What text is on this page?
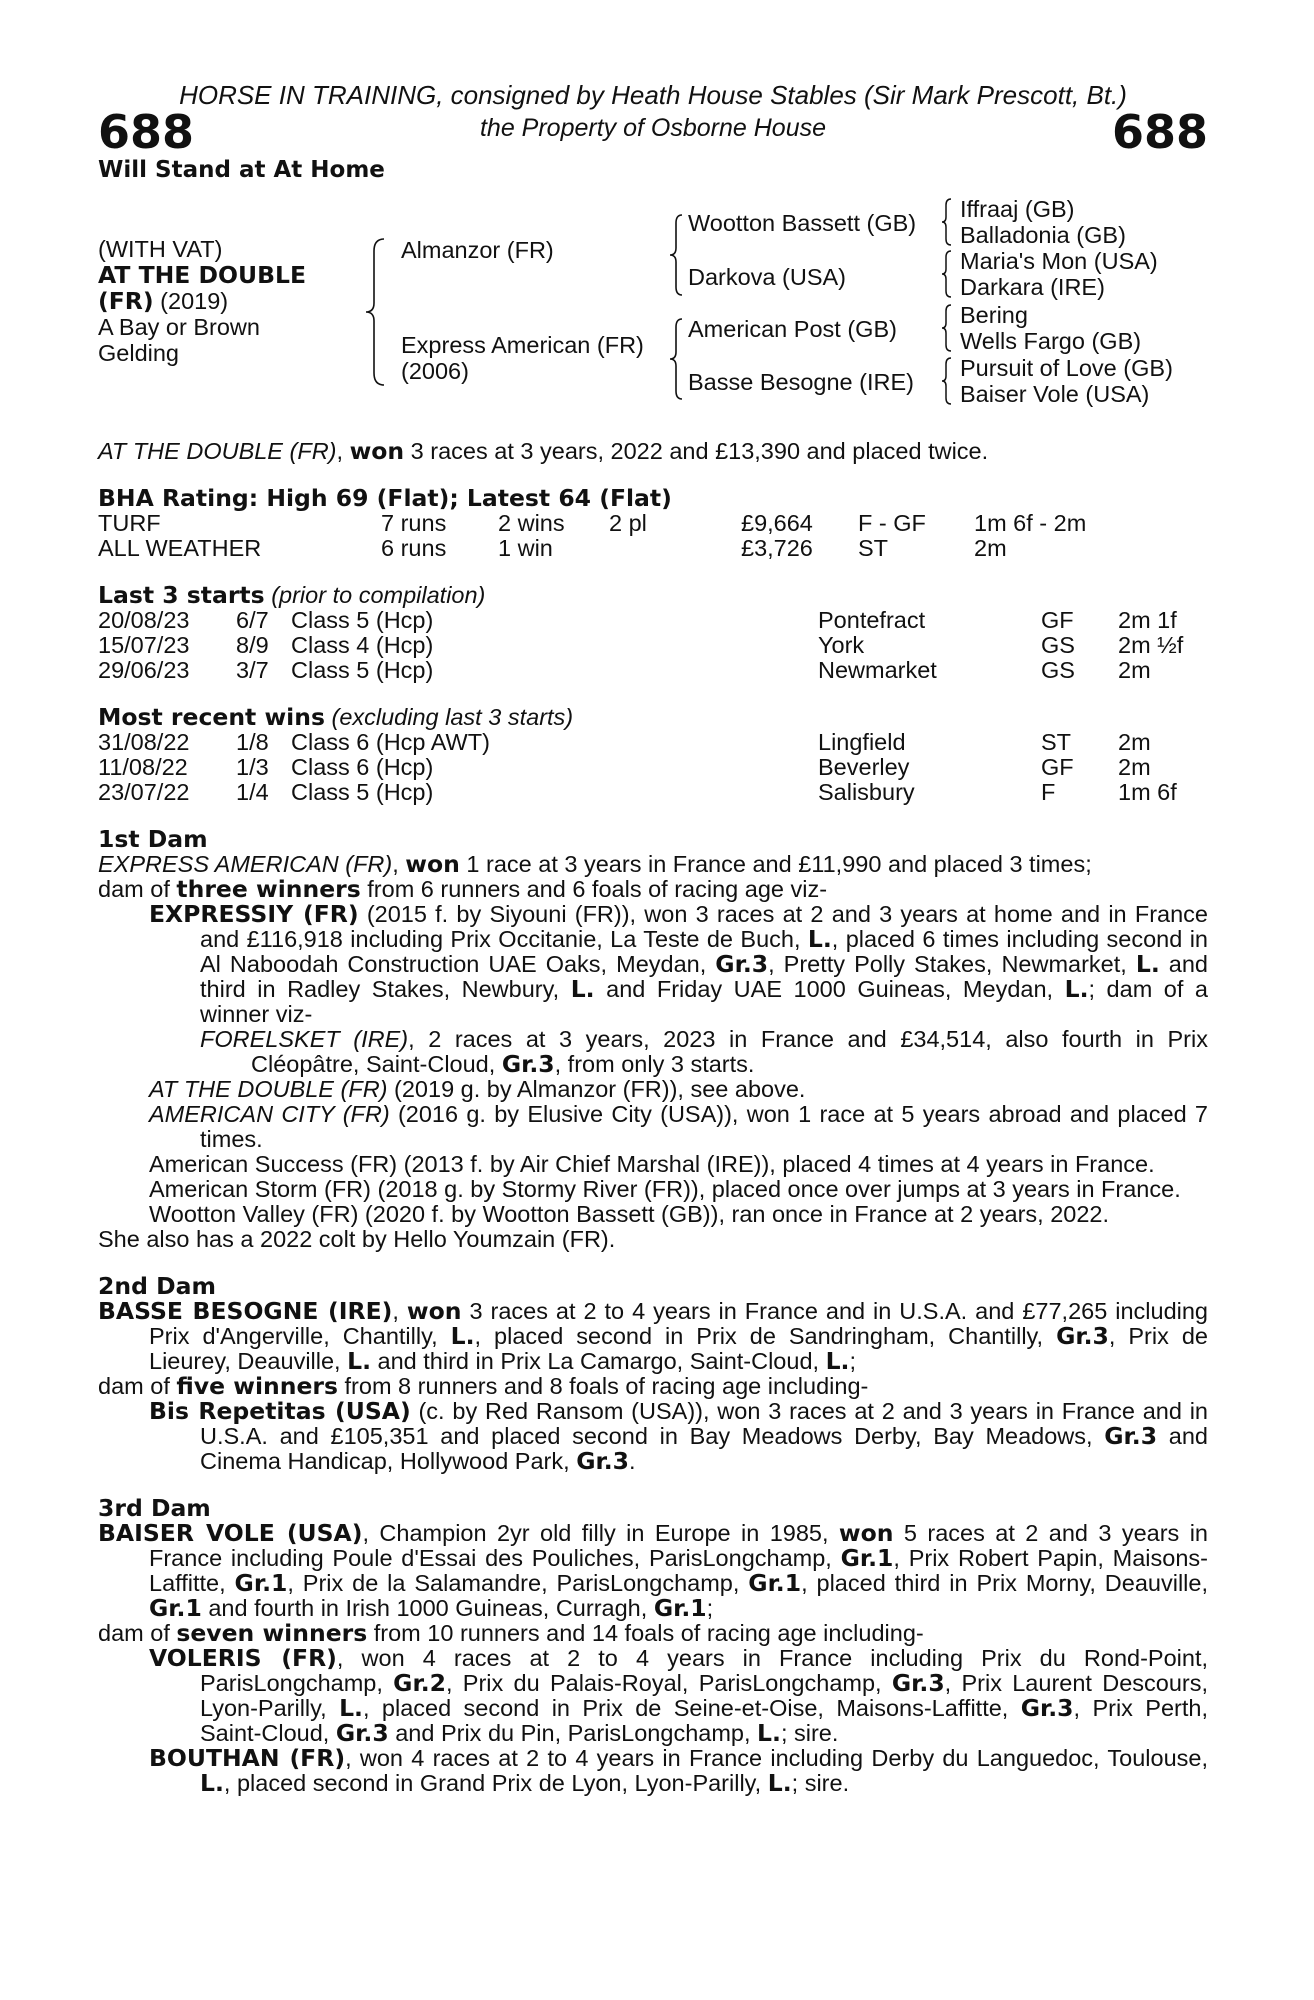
HORSE IN TRAINING, consigned by Heath House Stables (Sir Mark Prescott, Bt.)
688	the Property of Osborne House	688
Will Stand at At Home
(WITH VAT)
AT THE DOUBLE
(FR) (2019)
A Bay or Brown
Gelding
Almanzor (FR)
Express American (FR)
(2006)
Wootton Bassett (GB)
Darkova (USA)
American Post (GB)
Basse Besogne (IRE)
Iffraaj (GB)
Balladonia (GB)
Maria's Mon (USA)
Darkara (IRE)
Bering
Wells Fargo (GB)
Pursuit of Love (GB)
Baiser Vole (USA)

AT THE DOUBLE (FR), won 3 races at 3 years, 2022 and £13,390 and placed twice.

BHA Rating: High 69 (Flat); Latest 64 (Flat)
TURF	7 runs 2 wins 2 pl	£9,664 F - GF 1m 6f - 2m
ALL WEATHER	6 runs 1 win	£3,726 ST	2m
Last 3 starts (prior to compilation)
20/08/23 6/7 Class 5 (Hcp)	Pontefract	GF 2m 1f
15/07/23 8/9 Class 4 (Hcp)	York	GS 2m ½f
29/06/23 3/7 Class 5 (Hcp)	Newmarket	GS 2m
Most recent wins (excluding last 3 starts)
31/08/22 1/8 Class 6 (Hcp AWT)	Lingfield	ST 2m
11/08/22 1/3 Class 6 (Hcp)	Beverley	GF 2m
23/07/22 1/4 Class 5 (Hcp)	Salisbury	F	1m 6f
1st Dam

EXPRESS AMERICAN (FR), won 1 race at 3 years in France and £11,990 and placed 3 times;

dam of three winners from 6 runners and 6 foals of racing age viz-

EXPRESSIY (FR) (2015 f. by Siyouni (FR)), won 3 races at 2 and 3 years at home and in France and £116,918 including Prix Occitanie, La Teste de Buch, L., placed 6 times including second in Al Naboodah Construction UAE Oaks, Meydan, Gr.3, Pretty Polly Stakes, Newmarket, L. and third in Radley Stakes, Newbury, L. and Friday UAE 1000 Guineas, Meydan, L.; dam of a winner viz-

FORELSKET (IRE), 2 races at 3 years, 2023 in France and £34,514, also fourth in Prix Cléopâtre, Saint-Cloud, Gr.3, from only 3 starts.

AT THE DOUBLE (FR) (2019 g. by Almanzor (FR)), see above.

AMERICAN CITY (FR) (2016 g. by Elusive City (USA)), won 1 race at 5 years abroad and placed 7 times.

American Success (FR) (2013 f. by Air Chief Marshal (IRE)), placed 4 times at 4 years in France.

American Storm (FR) (2018 g. by Stormy River (FR)), placed once over jumps at 3 years in France.

Wootton Valley (FR) (2020 f. by Wootton Bassett (GB)), ran once in France at 2 years, 2022.

She also has a 2022 colt by Hello Youmzain (FR).

2nd Dam

BASSE BESOGNE (IRE), won 3 races at 2 to 4 years in France and in U.S.A. and £77,265 including Prix d'Angerville, Chantilly, L., placed second in Prix de Sandringham, Chantilly, Gr.3, Prix de Lieurey, Deauville, L. and third in Prix La Camargo, Saint-Cloud, L.;

dam of five winners from 8 runners and 8 foals of racing age including-

Bis Repetitas (USA) (c. by Red Ransom (USA)), won 3 races at 2 and 3 years in France and in U.S.A. and £105,351 and placed second in Bay Meadows Derby, Bay Meadows, Gr.3 and Cinema Handicap, Hollywood Park, Gr.3.

3rd Dam

BAISER VOLE (USA), Champion 2yr old filly in Europe in 1985, won 5 races at 2 and 3 years in France including Poule d'Essai des Pouliches, ParisLongchamp, Gr.1, Prix Robert Papin, Maisons-Laffitte, Gr.1, Prix de la Salamandre, ParisLongchamp, Gr.1, placed third in Prix Morny, Deauville, Gr.1 and fourth in Irish 1000 Guineas, Curragh, Gr.1;

dam of seven winners from 10 runners and 14 foals of racing age including-

VOLERIS (FR), won 4 races at 2 to 4 years in France including Prix du Rond-Point, ParisLongchamp, Gr.2, Prix du Palais-Royal, ParisLongchamp, Gr.3, Prix Laurent Descours, Lyon-Parilly, L., placed second in Prix de Seine-et-Oise, Maisons-Laffitte, Gr.3, Prix Perth, Saint-Cloud, Gr.3 and Prix du Pin, ParisLongchamp, L.; sire.

BOUTHAN (FR), won 4 races at 2 to 4 years in France including Derby du Languedoc, Toulouse, L., placed second in Grand Prix de Lyon, Lyon-Parilly, L.; sire.
